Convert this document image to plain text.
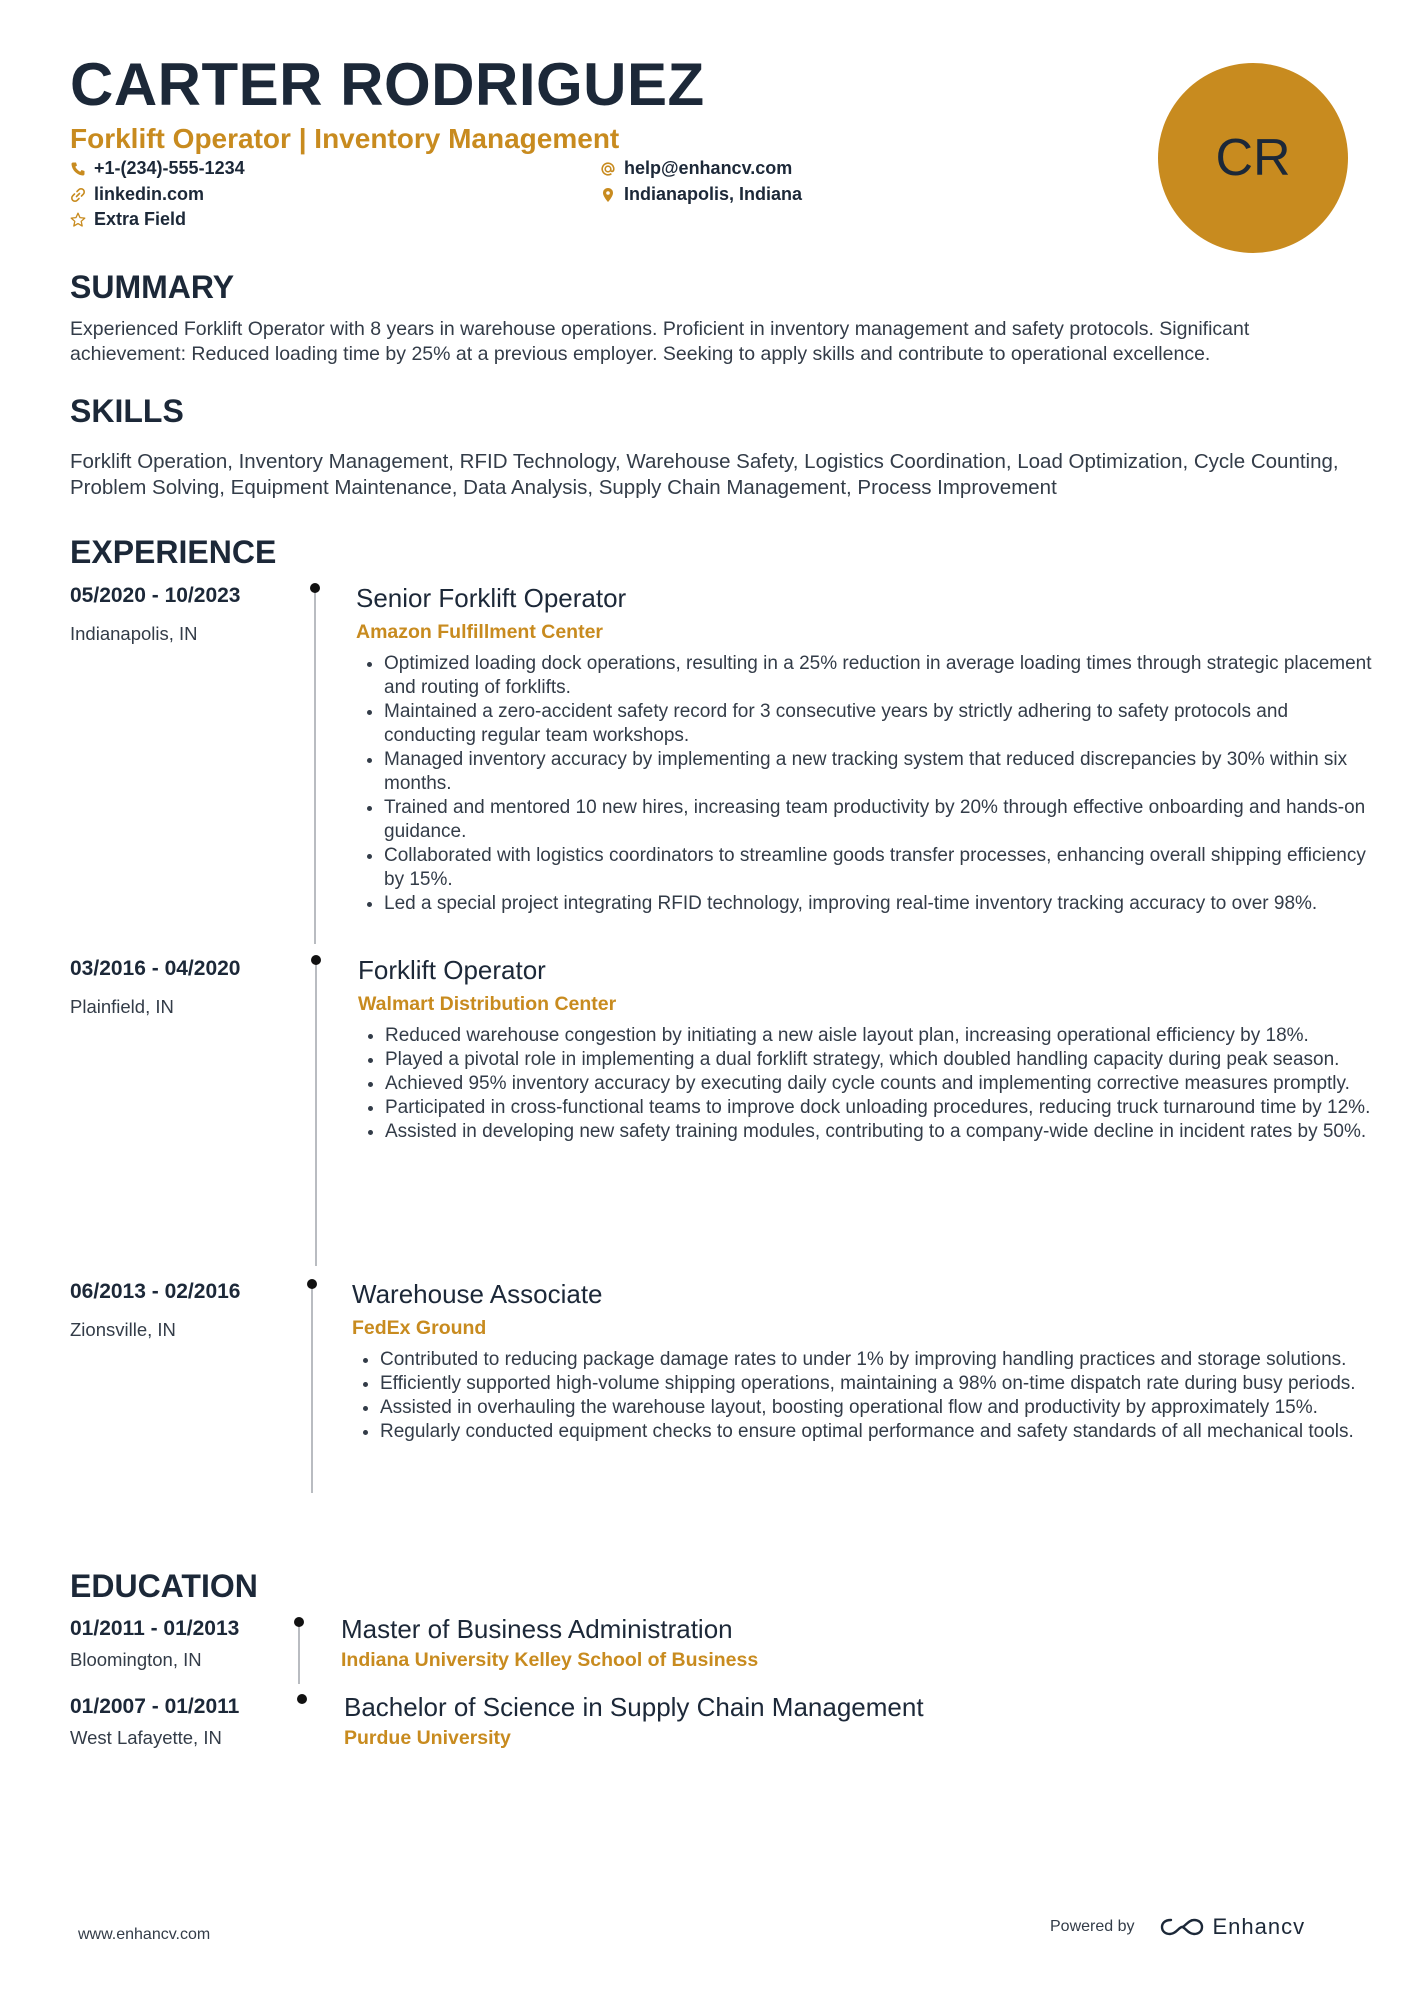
CARTER RODRIGUEZ
Forklift Operator | Inventory Management
+1-(234)-555-1234	help@enhancv.com
linkedin.com	Indianapolis, Indiana
Extra Field
CR
SUMMARY
Experienced Forklift Operator with 8 years in warehouse operations. Proficient in inventory management and safety protocols. Significant achievement: Reduced loading time by 25% at a previous employer. Seeking to apply skills and contribute to operational excellence.
SKILLS
Forklift Operation, Inventory Management, RFID Technology, Warehouse Safety, Logistics Coordination, Load Optimization, Cycle Counting, Problem Solving, Equipment Maintenance, Data Analysis, Supply Chain Management, Process Improvement
EXPERIENCE
05/2020 - 10/2023
Indianapolis, IN
Senior Forklift Operator
Amazon Fulfillment Center
• Optimized loading dock operations, resulting in a 25% reduction in average loading times through strategic placement and routing of forklifts.
• Maintained a zero-accident safety record for 3 consecutive years by strictly adhering to safety protocols and conducting regular team workshops.
• Managed inventory accuracy by implementing a new tracking system that reduced discrepancies by 30% within six months.
• Trained and mentored 10 new hires, increasing team productivity by 20% through effective onboarding and hands-on guidance.
• Collaborated with logistics coordinators to streamline goods transfer processes, enhancing overall shipping efficiency by 15%.
• Led a special project integrating RFID technology, improving real-time inventory tracking accuracy to over 98%.
03/2016 - 04/2020
Plainfield, IN
Forklift Operator
Walmart Distribution Center
• Reduced warehouse congestion by initiating a new aisle layout plan, increasing operational efficiency by 18%.
• Played a pivotal role in implementing a dual forklift strategy, which doubled handling capacity during peak season.
• Achieved 95% inventory accuracy by executing daily cycle counts and implementing corrective measures promptly.
• Participated in cross-functional teams to improve dock unloading procedures, reducing truck turnaround time by 12%.
• Assisted in developing new safety training modules, contributing to a company-wide decline in incident rates by 50%.
06/2013 - 02/2016
Zionsville, IN
Warehouse Associate
FedEx Ground
• Contributed to reducing package damage rates to under 1% by improving handling practices and storage solutions.
• Efficiently supported high-volume shipping operations, maintaining a 98% on-time dispatch rate during busy periods.
• Assisted in overhauling the warehouse layout, boosting operational flow and productivity by approximately 15%.
• Regularly conducted equipment checks to ensure optimal performance and safety standards of all mechanical tools.
EDUCATION
01/2011 - 01/2013
Bloomington, IN
Master of Business Administration
Indiana University Kelley School of Business
01/2007 - 01/2011
West Lafayette, IN
Bachelor of Science in Supply Chain Management
Purdue University
www.enhancv.com	Powered by	Enhancv
